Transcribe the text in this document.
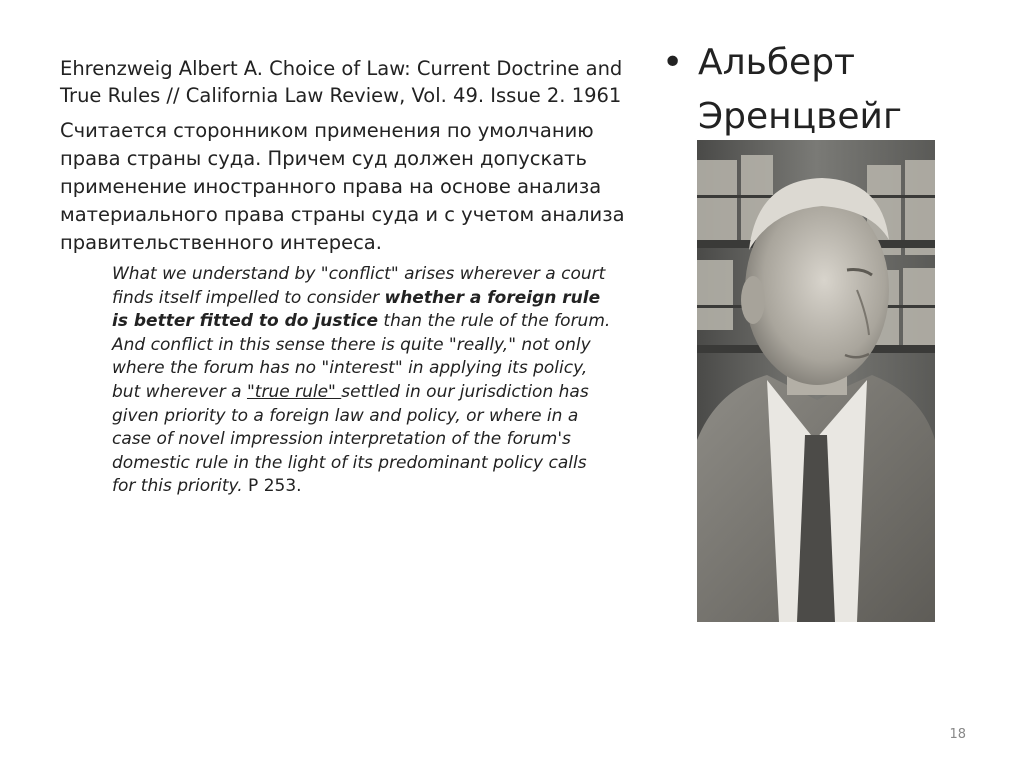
Ehrenzweig Albert A. Choice of Law: Current Doctrine and True Rules // California Law Review, Vol. 49. Issue 2. 1961

Считается сторонником применения по умолчанию права страны суда. Причем суд должен допускать применение иностранного права на основе анализа материального права страны суда и с учетом анализа правительственного интереса.

What we understand by "conflict" arises wherever a court finds itself impelled to consider whether a foreign rule is better fitted to do justice than the rule of the forum. And conflict in this sense there is quite "really," not only where the forum has no "interest" in applying its policy, but wherever a "true rule" settled in our jurisdiction has given priority to a foreign law and policy, or where in a case of novel impression interpretation of the forum's domestic rule in the light of its predominant policy calls for this priority. P 253.
• Альберт
Эренцвейг
18
